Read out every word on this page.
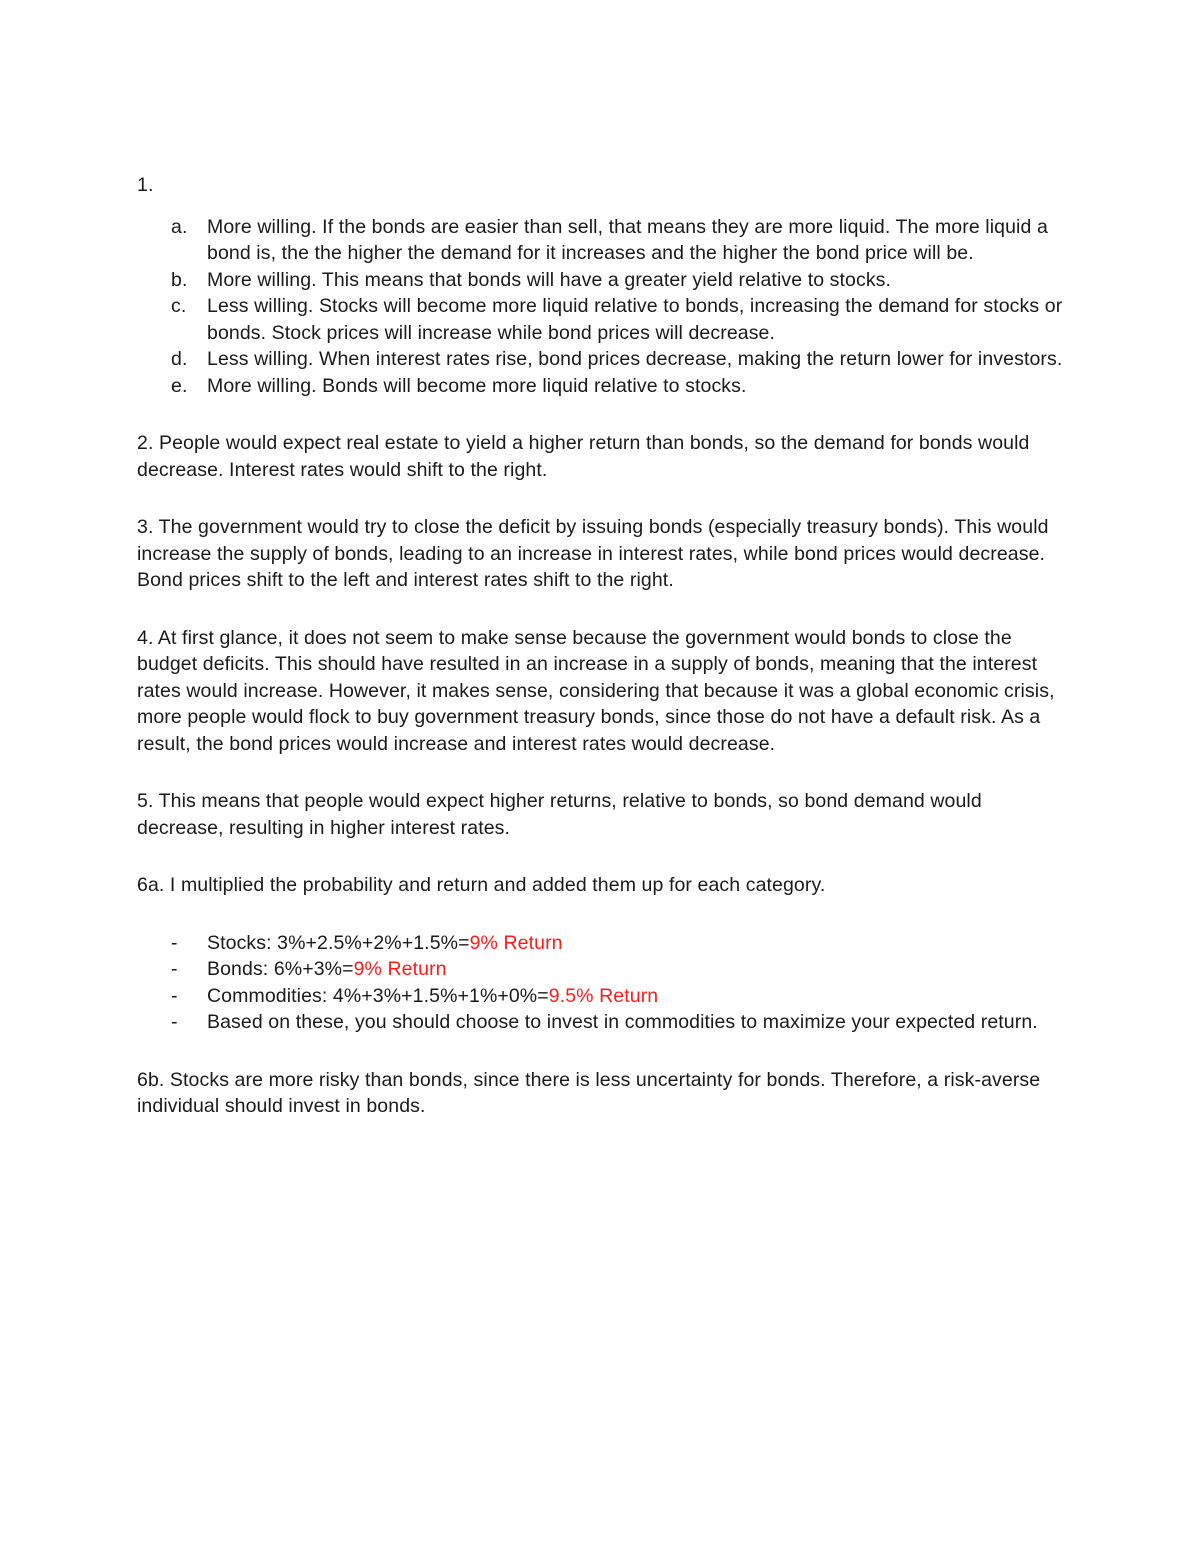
1.
a. More willing. If the bonds are easier than sell, that means they are more liquid. The more liquid a bond is, the the higher the demand for it increases and the higher the bond price will be.
b. More willing. This means that bonds will have a greater yield relative to stocks.
c. Less willing. Stocks will become more liquid relative to bonds, increasing the demand for stocks or bonds. Stock prices will increase while bond prices will decrease.
d. Less willing. When interest rates rise, bond prices decrease, making the return lower for investors.
e. More willing. Bonds will become more liquid relative to stocks.

2. People would expect real estate to yield a higher return than bonds, so the demand for bonds would decrease. Interest rates would shift to the right.

3. The government would try to close the deficit by issuing bonds (especially treasury bonds). This would increase the supply of bonds, leading to an increase in interest rates, while bond prices would decrease. Bond prices shift to the left and interest rates shift to the right.

4. At first glance, it does not seem to make sense because the government would bonds to close the budget deficits. This should have resulted in an increase in a supply of bonds, meaning that the interest rates would increase. However, it makes sense, considering that because it was a global economic crisis, more people would flock to buy government treasury bonds, since those do not have a default risk. As a result, the bond prices would increase and interest rates would decrease.

5. This means that people would expect higher returns, relative to bonds, so bond demand would decrease, resulting in higher interest rates.

6a. I multiplied the probability and return and added them up for each category.

- Stocks: 3%+2.5%+2%+1.5%=9% Return
- Bonds: 6%+3%=9% Return
- Commodities: 4%+3%+1.5%+1%+0%=9.5% Return
- Based on these, you should choose to invest in commodities to maximize your expected return.

6b. Stocks are more risky than bonds, since there is less uncertainty for bonds. Therefore, a risk-averse individual should invest in bonds.
